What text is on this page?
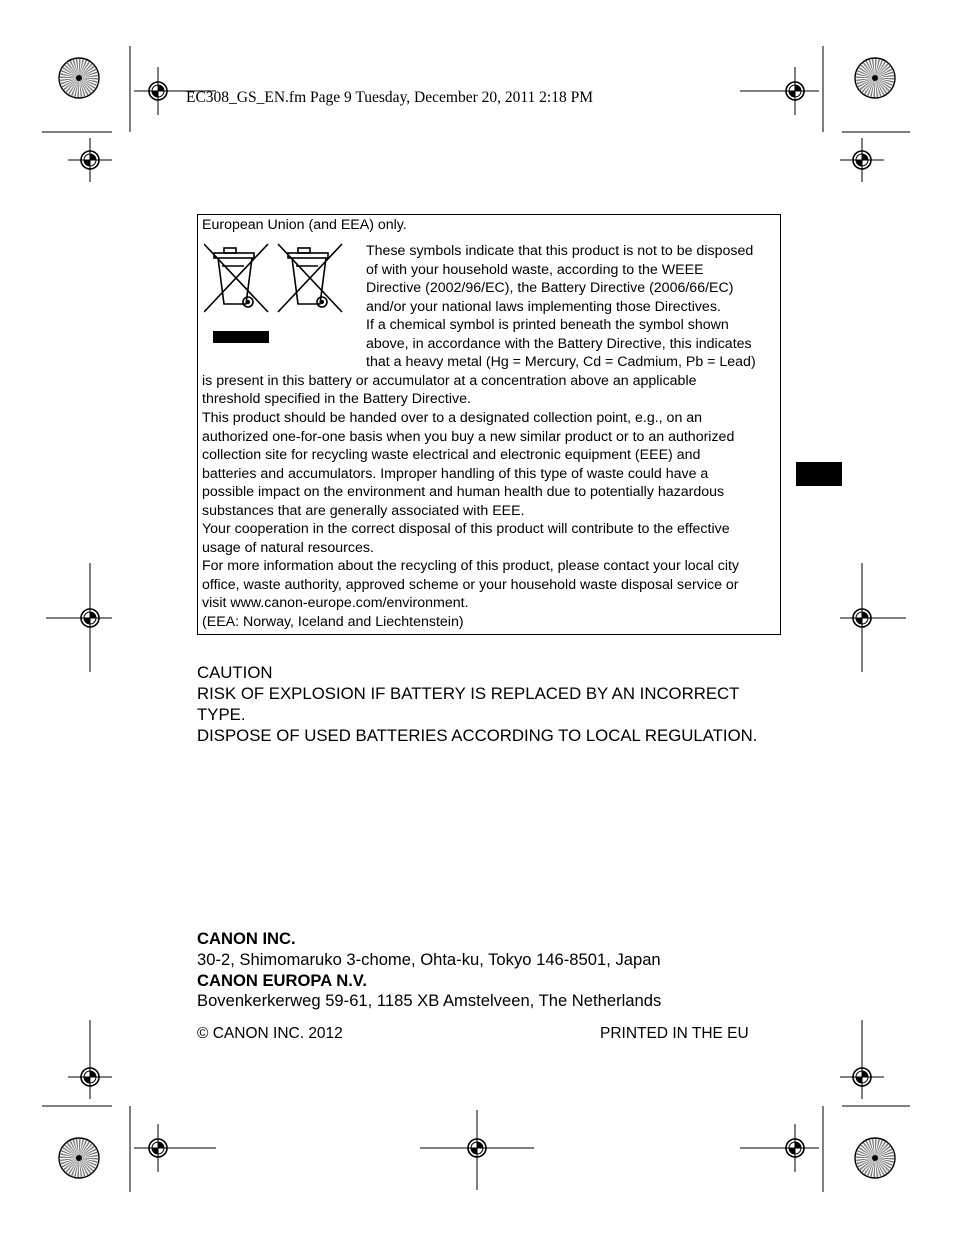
EC308_GS_EN.fm Page 9 Tuesday, December 20, 2011 2:18 PM
European Union (and EEA) only.
These symbols indicate that this product is not to be disposed
of with your household waste, according to the WEEE
Directive (2002/96/EC), the Battery Directive (2006/66/EC)
and/or your national laws implementing those Directives.
If a chemical symbol is printed beneath the symbol shown
above, in accordance with the Battery Directive, this indicates
that a heavy metal (Hg = Mercury, Cd = Cadmium, Pb = Lead)
is present in this battery or accumulator at a concentration above an applicable
threshold specified in the Battery Directive.
This product should be handed over to a designated collection point, e.g., on an
authorized one-for-one basis when you buy a new similar product or to an authorized
collection site for recycling waste electrical and electronic equipment (EEE) and
batteries and accumulators. Improper handling of this type of waste could have a
possible impact on the environment and human health due to potentially hazardous
substances that are generally associated with EEE.
Your cooperation in the correct disposal of this product will contribute to the effective
usage of natural resources.
For more information about the recycling of this product, please contact your local city
office, waste authority, approved scheme or your household waste disposal service or
visit www.canon-europe.com/environment.
(EEA: Norway, Iceland and Liechtenstein)
CAUTION
RISK OF EXPLOSION IF BATTERY IS REPLACED BY AN INCORRECT
TYPE.
DISPOSE OF USED BATTERIES ACCORDING TO LOCAL REGULATION.
CANON INC.
30-2, Shimomaruko 3-chome, Ohta-ku, Tokyo 146-8501, Japan
CANON EUROPA N.V.
Bovenkerkerweg 59-61, 1185 XB Amstelveen, The Netherlands
© CANON INC. 2012	PRINTED IN THE EU
